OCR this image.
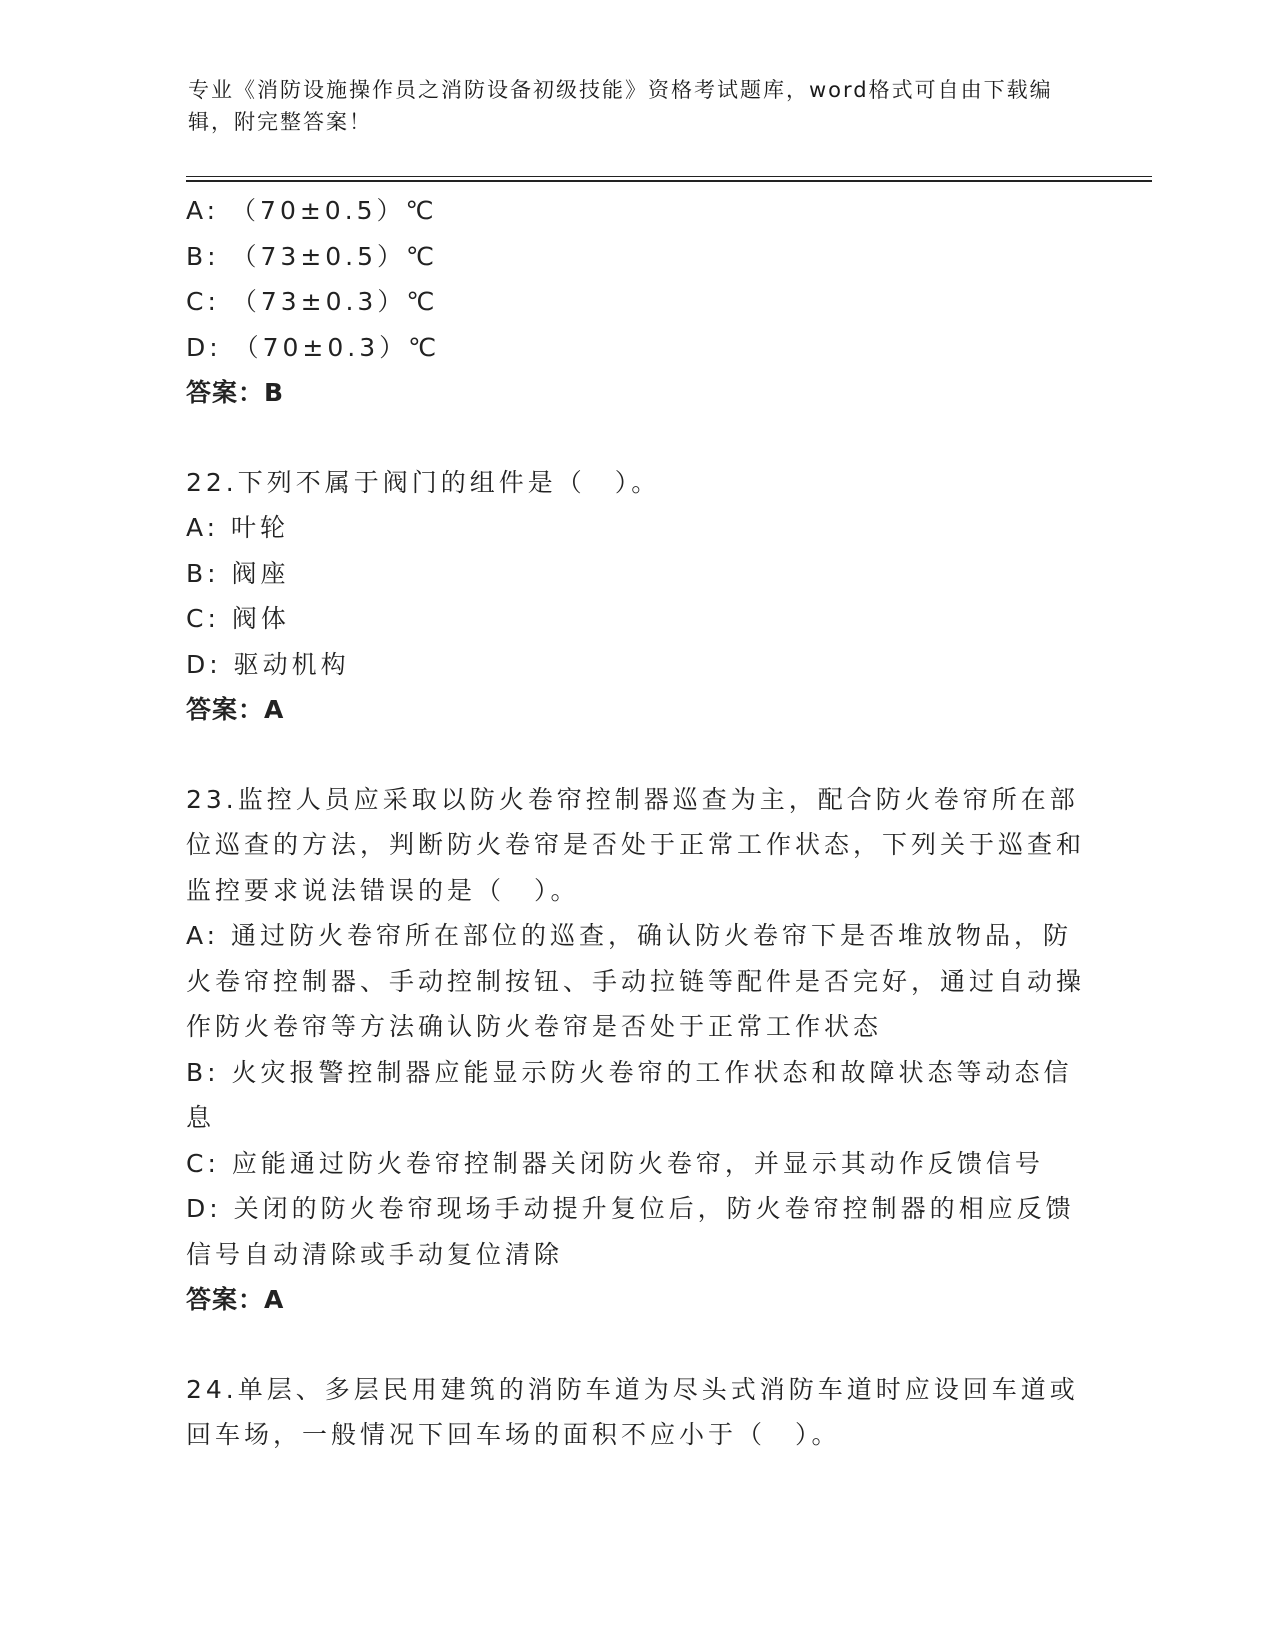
专业《消防设施操作员之消防设备初级技能》资格考试题库，word格式可自由下载编辑，附完整答案！
A: （70±0.5）℃
B: （73±0.5）℃
C: （73±0.3）℃
D: （70±0.3）℃
答案：B
22.下列不属于阀门的组件是（　）。
A: 叶轮
B: 阀座
C: 阀体
D: 驱动机构
答案：A
23.监控人员应采取以防火卷帘控制器巡查为主，配合防火卷帘所在部位巡查的方法，判断防火卷帘是否处于正常工作状态，下列关于巡查和监控要求说法错误的是（　）。
A: 通过防火卷帘所在部位的巡查，确认防火卷帘下是否堆放物品，防火卷帘控制器、手动控制按钮、手动拉链等配件是否完好，通过自动操作防火卷帘等方法确认防火卷帘是否处于正常工作状态
B: 火灾报警控制器应能显示防火卷帘的工作状态和故障状态等动态信息
C: 应能通过防火卷帘控制器关闭防火卷帘，并显示其动作反馈信号
D: 关闭的防火卷帘现场手动提升复位后，防火卷帘控制器的相应反馈信号自动清除或手动复位清除
答案：A
24.单层、多层民用建筑的消防车道为尽头式消防车道时应设回车道或回车场，一般情况下回车场的面积不应小于（　）。
